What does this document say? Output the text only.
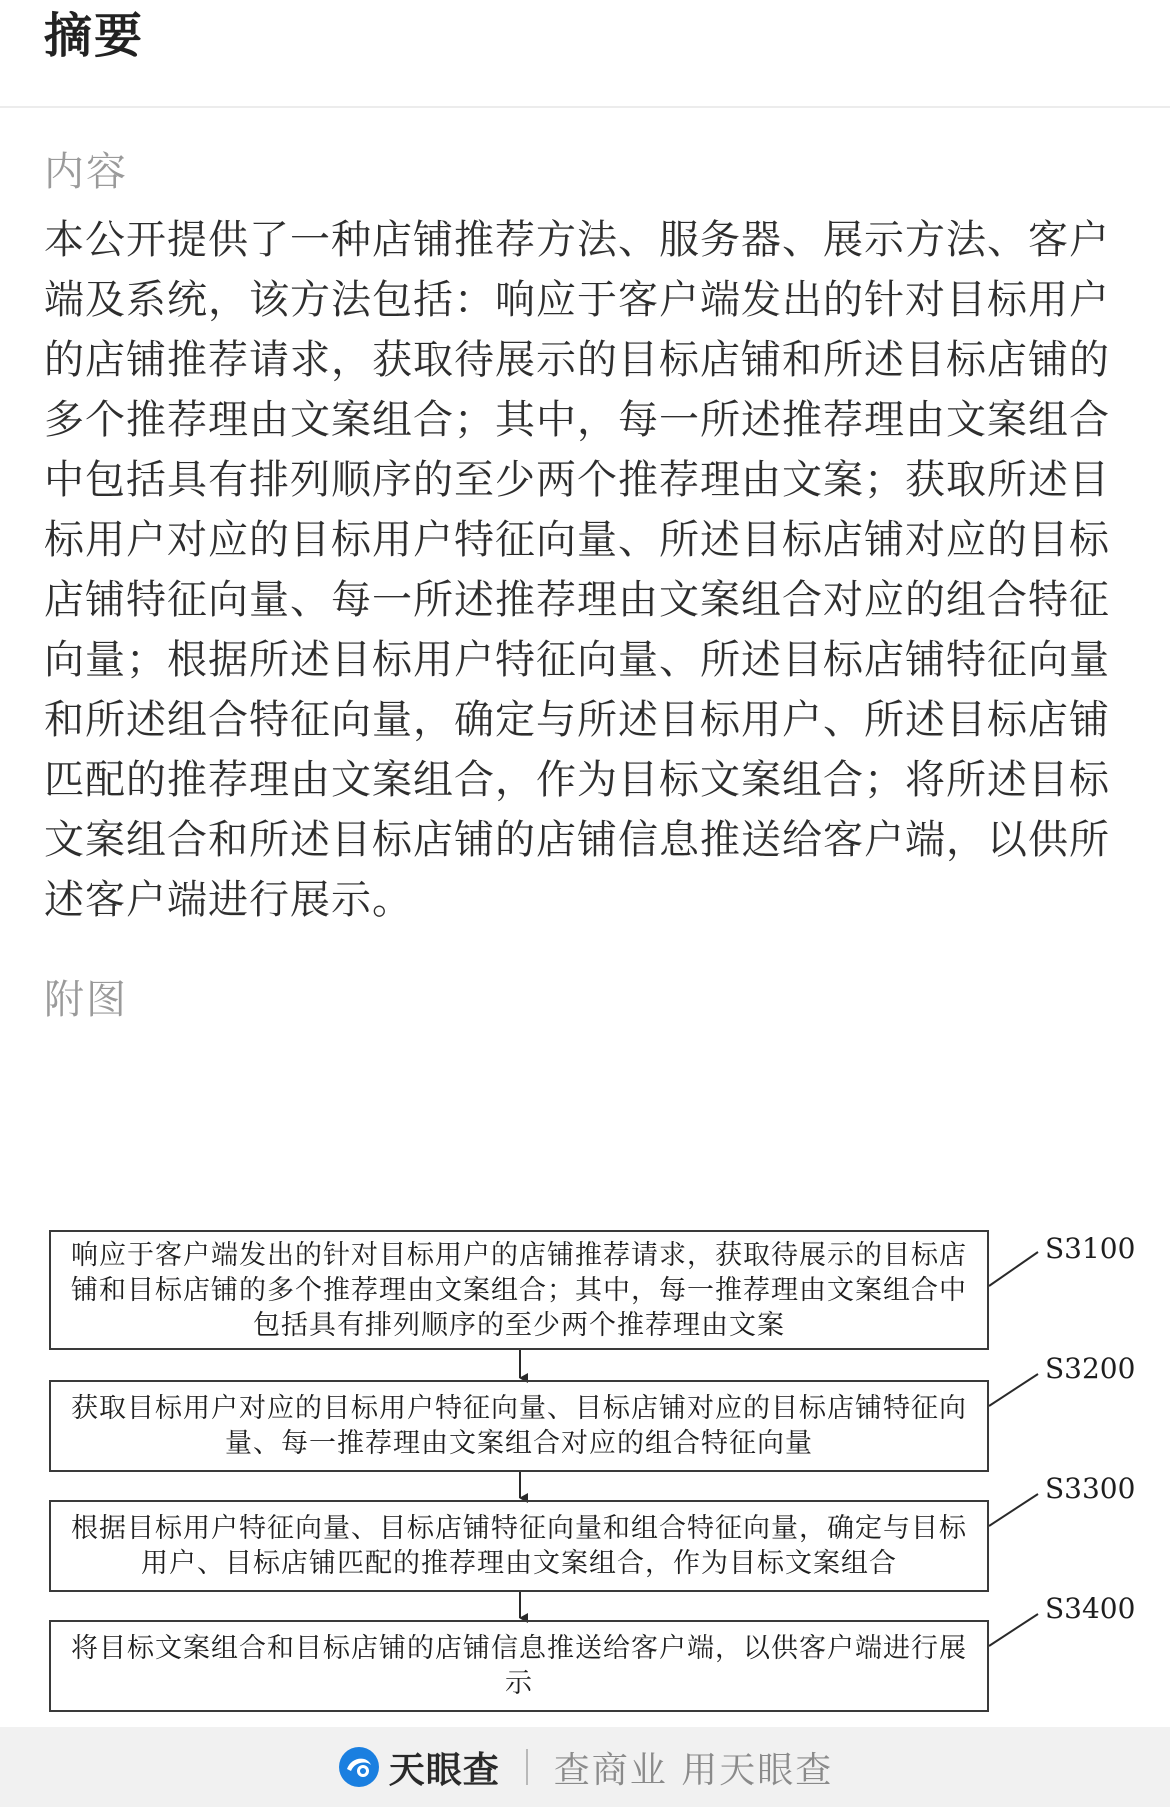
摘要
内容

本公开提供了一种店铺推荐方法、服务器、展示方法、客户端及系统，该方法包括：响应于客户端发出的针对目标用户的店铺推荐请求，获取待展示的目标店铺和所述目标店铺的多个推荐理由文案组合；其中，每一所述推荐理由文案组合中包括具有排列顺序的至少两个推荐理由文案；获取所述目标用户对应的目标用户特征向量、所述目标店铺对应的目标店铺特征向量、每一所述推荐理由文案组合对应的组合特征向量；根据所述目标用户特征向量、所述目标店铺特征向量和所述组合特征向量，确定与所述目标用户、所述目标店铺匹配的推荐理由文案组合，作为目标文案组合；将所述目标文案组合和所述目标店铺的店铺信息推送给客户端，以供所述客户端进行展示。

附图
响应于客户端发出的针对目标用户的店铺推荐请求，获取待展示的目标店铺和目标店铺的多个推荐理由文案组合；其中，每一推荐理由文案组合中包括具有排列顺序的至少两个推荐理由文案
S3100
获取目标用户对应的目标用户特征向量、目标店铺对应的目标店铺特征向量、每一推荐理由文案组合对应的组合特征向量
S3200
根据目标用户特征向量、目标店铺特征向量和组合特征向量，确定与目标用户、目标店铺匹配的推荐理由文案组合，作为目标文案组合
S3300
将目标文案组合和目标店铺的店铺信息推送给客户端，以供客户端进行展示
S3400
天眼查 查商业 用天眼查
